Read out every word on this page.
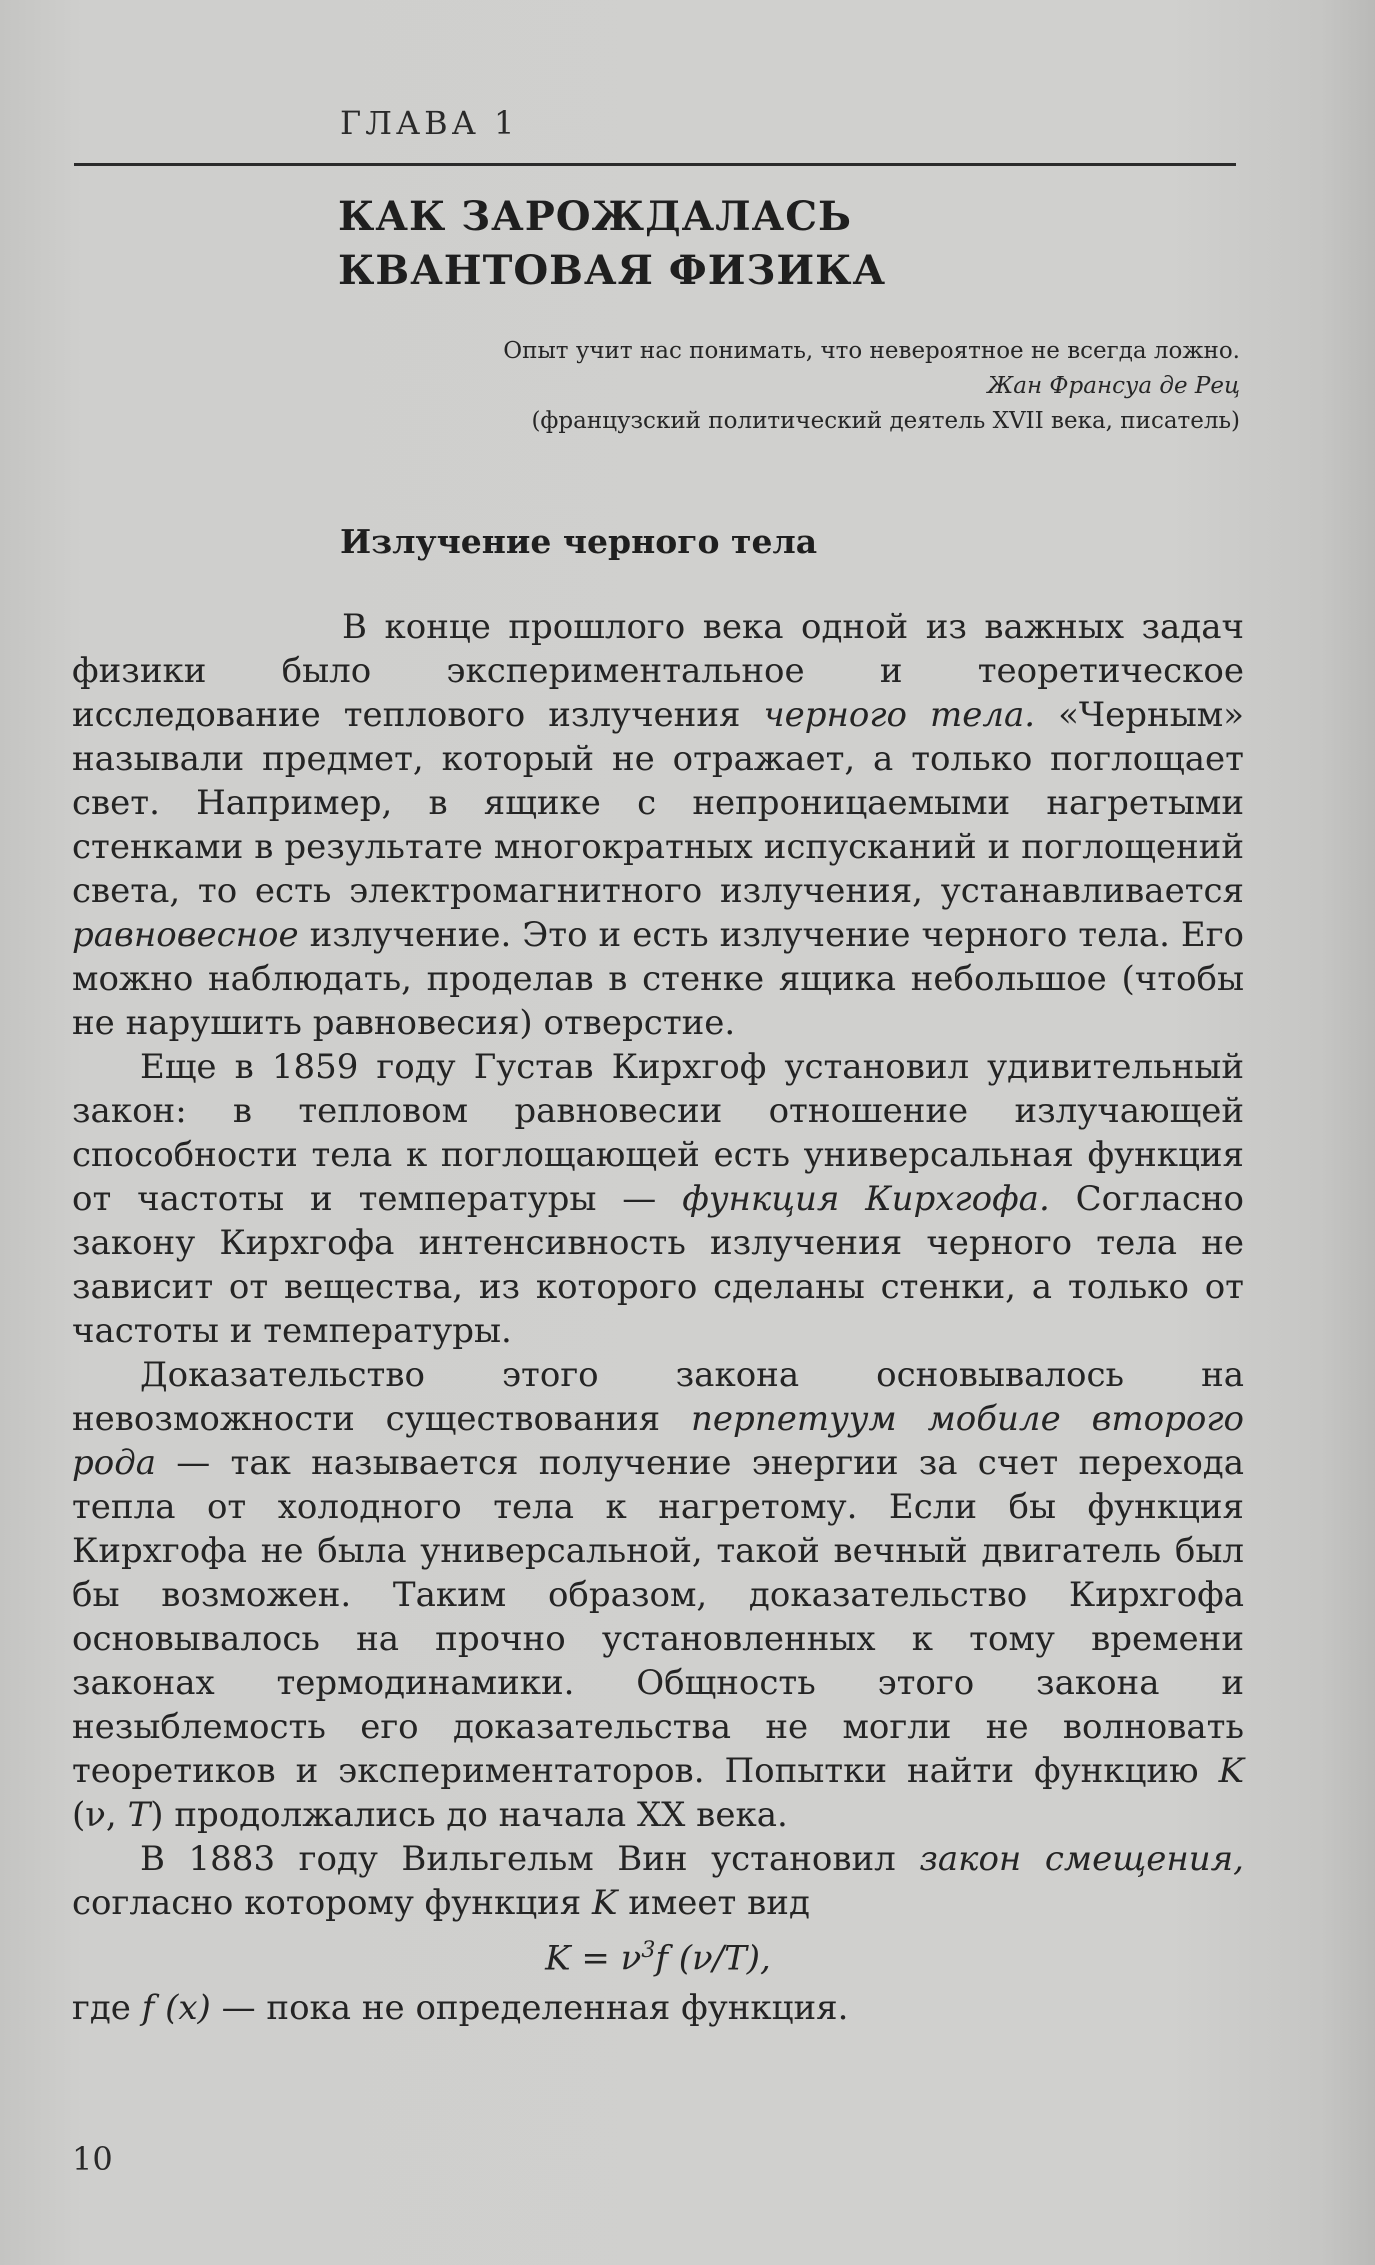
ГЛАВА 1
КАК ЗАРОЖДАЛАСЬ
КВАНТОВАЯ ФИЗИКА
Опыт учит нас понимать, что невероятное не всегда ложно.
Жан Франсуа де Рец
(французский политический деятель XVII века, писатель)
Излучение черного тела

В конце прошлого века одной из важных задач физики было экспериментальное и теоретическое исследование теплового излучения черного тела. «Черным» называли предмет, который не отражает, а только поглощает свет. Например, в ящике с непроницаемыми нагретыми стенками в результате многократных испусканий и поглощений света, то есть электромагнитного излучения, устанавливается равновесное излучение. Это и есть излучение черного тела. Его можно наблюдать, проделав в стенке ящика небольшое (чтобы не нарушить равновесия) отверстие.

Еще в 1859 году Густав Кирхгоф установил удивительный закон: в тепловом равновесии отношение излучающей способности тела к поглощающей есть универсальная функция от частоты и температуры — функция Кирхгофа. Согласно закону Кирхгофа интенсивность излучения черного тела не зависит от вещества, из которого сделаны стенки, а только от частоты и температуры.

Доказательство этого закона основывалось на невозможности существования перпетуум мобиле второго рода — так называется получение энергии за счет перехода тепла от холодного тела к нагретому. Если бы функция Кирхгофа не была универсальной, такой вечный двигатель был бы возможен. Таким образом, доказательство Кирхгофа основывалось на прочно установленных к тому времени законах термодинамики. Общность этого закона и незыблемость его доказательства не могли не волновать теоретиков и экспериментаторов. Попытки найти функцию K (ν, T) продолжались до начала XX века.

В 1883 году Вильгельм Вин установил закон смещения, согласно которому функция K имеет вид

$K = \nu^3f$ (ν/T),

где f (x) — пока не определенная функция.

10
